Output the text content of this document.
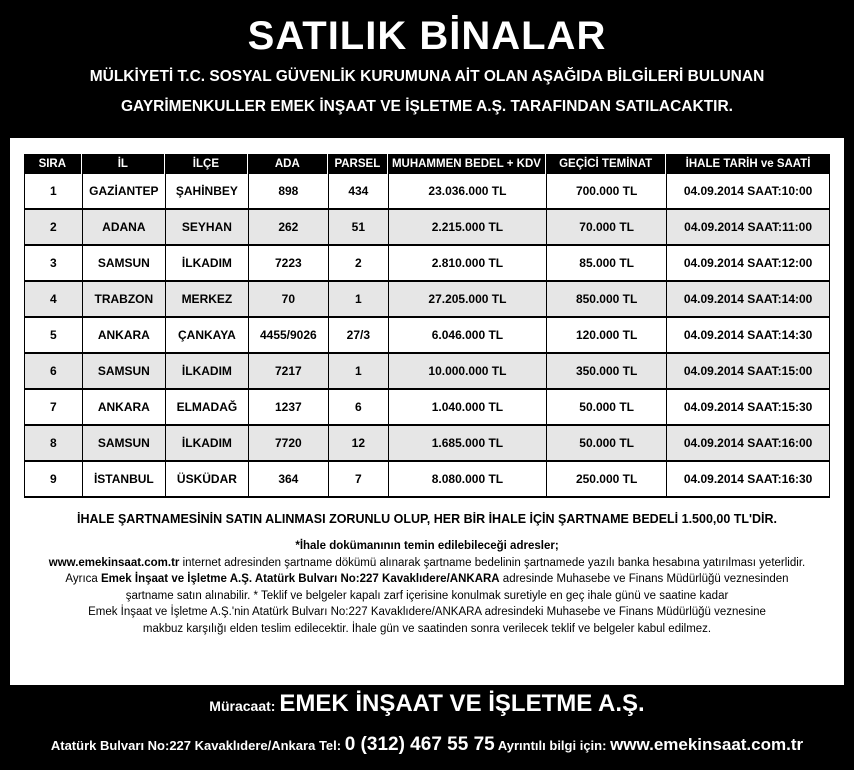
SATILIK BİNALAR
MÜLKİYETİ T.C. SOSYAL GÜVENLİK KURUMUNA AİT OLAN AŞAĞIDA BİLGİLERİ BULUNAN
GAYRİMENKULLER EMEK İNŞAAT VE İŞLETME A.Ş. TARAFINDAN SATILACAKTIR.
SIRA	İL	İLÇE	ADA	PARSEL	MUHAMMEN BEDEL + KDV	GEÇİCİ TEMİNAT	İHALE TARİH ve SAATİ
1	GAZİANTEP	ŞAHİNBEY	898	434	23.036.000 TL	700.000 TL	04.09.2014 SAAT:10:00
2	ADANA	SEYHAN	262	51	2.215.000 TL	70.000 TL	04.09.2014 SAAT:11:00
3	SAMSUN	İLKADIM	7223	2	2.810.000 TL	85.000 TL	04.09.2014 SAAT:12:00
4	TRABZON	MERKEZ	70	1	27.205.000 TL	850.000 TL	04.09.2014 SAAT:14:00
5	ANKARA	ÇANKAYA	4455/9026	27/3	6.046.000 TL	120.000 TL	04.09.2014 SAAT:14:30
6	SAMSUN	İLKADIM	7217	1	10.000.000 TL	350.000 TL	04.09.2014 SAAT:15:00
7	ANKARA	ELMADAĞ	1237	6	1.040.000 TL	50.000 TL	04.09.2014 SAAT:15:30
8	SAMSUN	İLKADIM	7720	12	1.685.000 TL	50.000 TL	04.09.2014 SAAT:16:00
9	İSTANBUL	ÜSKÜDAR	364	7	8.080.000 TL	250.000 TL	04.09.2014 SAAT:16:30
İHALE ŞARTNAMESİNİN SATIN ALINMASI ZORUNLU OLUP, HER BİR İHALE İÇİN ŞARTNAME BEDELİ 1.500,00 TL'DİR.
*İhale dokümanının temin edilebileceği adresler;
www.emekinsaat.com.tr internet adresinden şartname dökümü alınarak şartname bedelinin şartnamede yazılı banka hesabına yatırılması yeterlidir.
Ayrıca Emek İnşaat ve İşletme A.Ş. Atatürk Bulvarı No:227 Kavaklıdere/ANKARA adresinde Muhasebe ve Finans Müdürlüğü veznesinden
şartname satın alınabilir. * Teklif ve belgeler kapalı zarf içerisine konulmak suretiyle en geç ihale günü ve saatine kadar
Emek İnşaat ve İşletme A.Ş.'nin Atatürk Bulvarı No:227 Kavaklıdere/ANKARA adresindeki Muhasebe ve Finans Müdürlüğü veznesine
makbuz karşılığı elden teslim edilecektir. İhale gün ve saatinden sonra verilecek teklif ve belgeler kabul edilmez.
Müracaat: EMEK İNŞAAT VE İŞLETME A.Ş.
Atatürk Bulvarı No:227 Kavaklıdere/Ankara Tel: 0 (312) 467 55 75 Ayrıntılı bilgi için: www.emekinsaat.com.tr
